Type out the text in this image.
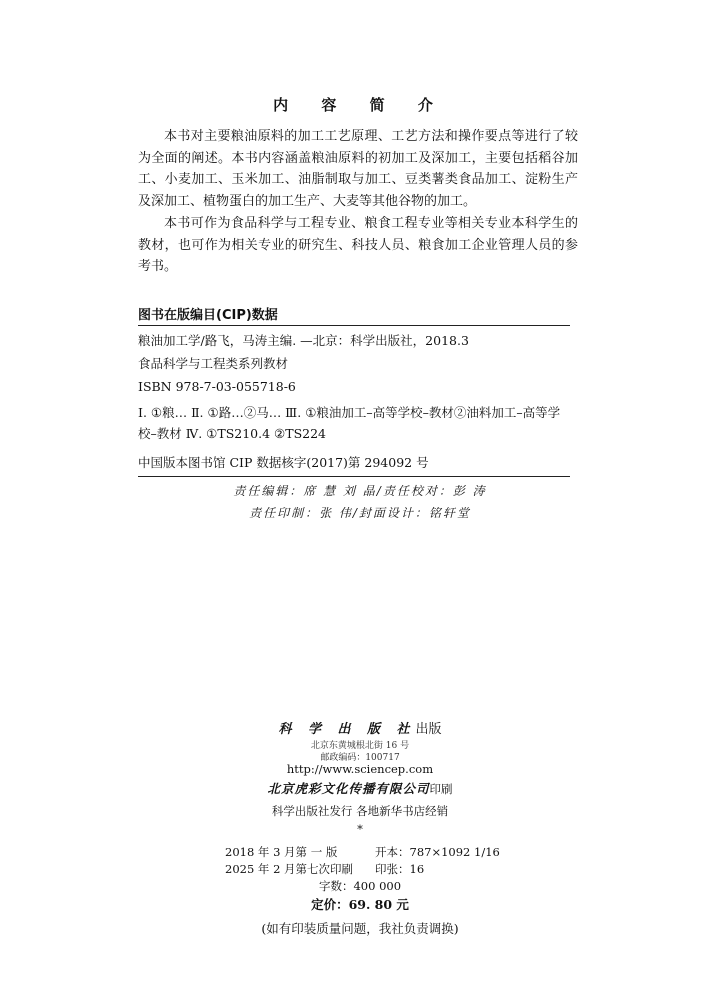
内 容 简 介

本书对主要粮油原料的加工工艺原理、工艺方法和操作要点等进行了较为全面的阐述。本书内容涵盖粮油原料的初加工及深加工，主要包括稻谷加工、小麦加工、玉米加工、油脂制取与加工、豆类薯类食品加工、淀粉生产及深加工、植物蛋白的加工生产、大麦等其他谷物的加工。

本书可作为食品科学与工程专业、粮食工程专业等相关专业本科学生的教材，也可作为相关专业的研究生、科技人员、粮食加工企业管理人员的参考书。

图书在版编目(CIP)数据

粮油加工学/路飞，马涛主编. —北京：科学出版社，2018.3

食品科学与工程类系列教材

ISBN 978-7-03-055718-6

Ⅰ. ①粮… Ⅱ. ①路…②马… Ⅲ. ①粮油加工–高等学校–教材②油料加工–高等学校–教材 Ⅳ. ①TS210.4 ②TS224

中国版本图书馆 CIP 数据核字(2017)第 294092 号

责任编辑：席 慧 刘 晶/责任校对：彭 涛
责任印制：张 伟/封面设计：铭轩堂
科 学 出 版 社出版
北京东黄城根北街 16 号
邮政编码：100717
http://www.sciencep.com
北京虎彩文化传播有限公司印刷
科学出版社发行 各地新华书店经销
*
2018 年 3 月第 一 版	开本：787×1092 1/16
2025 年 2 月第七次印刷 印张：16
字数：400 000
定价：69. 80 元
(如有印装质量问题，我社负责调换)
